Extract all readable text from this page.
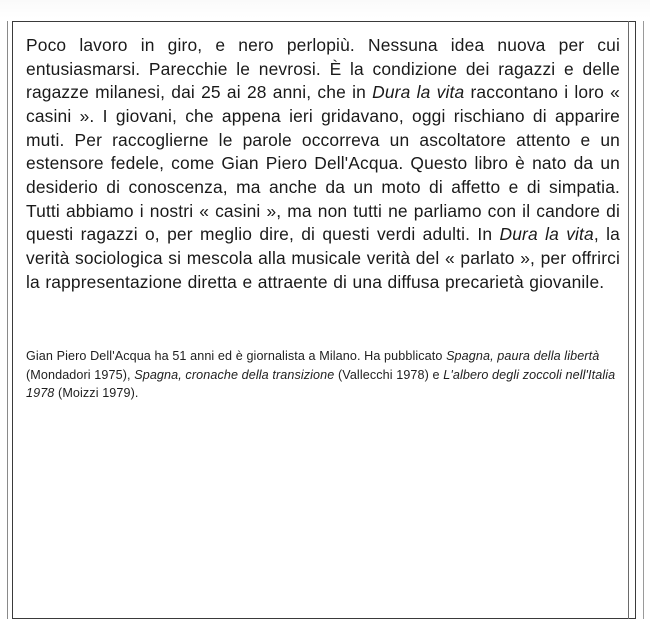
Poco lavoro in giro, e nero perlopiù. Nessuna idea nuova per cui entusiasmarsi. Parecchie le nevrosi. È la condizione dei ragazzi e delle ragazze milanesi, dai 25 ai 28 anni, che in Dura la vita raccontano i loro « casini ». I giovani, che appena ieri gridavano, oggi rischiano di apparire muti. Per raccoglierne le parole occorreva un ascoltatore attento e un estensore fedele, come Gian Piero Dell'Acqua. Questo libro è nato da un desiderio di conoscenza, ma anche da un moto di affetto e di simpatia. Tutti abbiamo i nostri « casini », ma non tutti ne parliamo con il candore di questi ragazzi o, per meglio dire, di questi verdi adulti. In Dura la vita, la verità sociologica si mescola alla musicale verità del « parlato », per offrirci la rappresentazione diretta e attraente di una diffusa precarietà giovanile.

Gian Piero Dell'Acqua ha 51 anni ed è giornalista a Milano. Ha pubblicato Spagna, paura della libertà (Mondadori 1975), Spagna, cronache della transizione (Vallecchi 1978) e L'albero degli zoccoli nell'Italia 1978 (Moizzi 1979).
